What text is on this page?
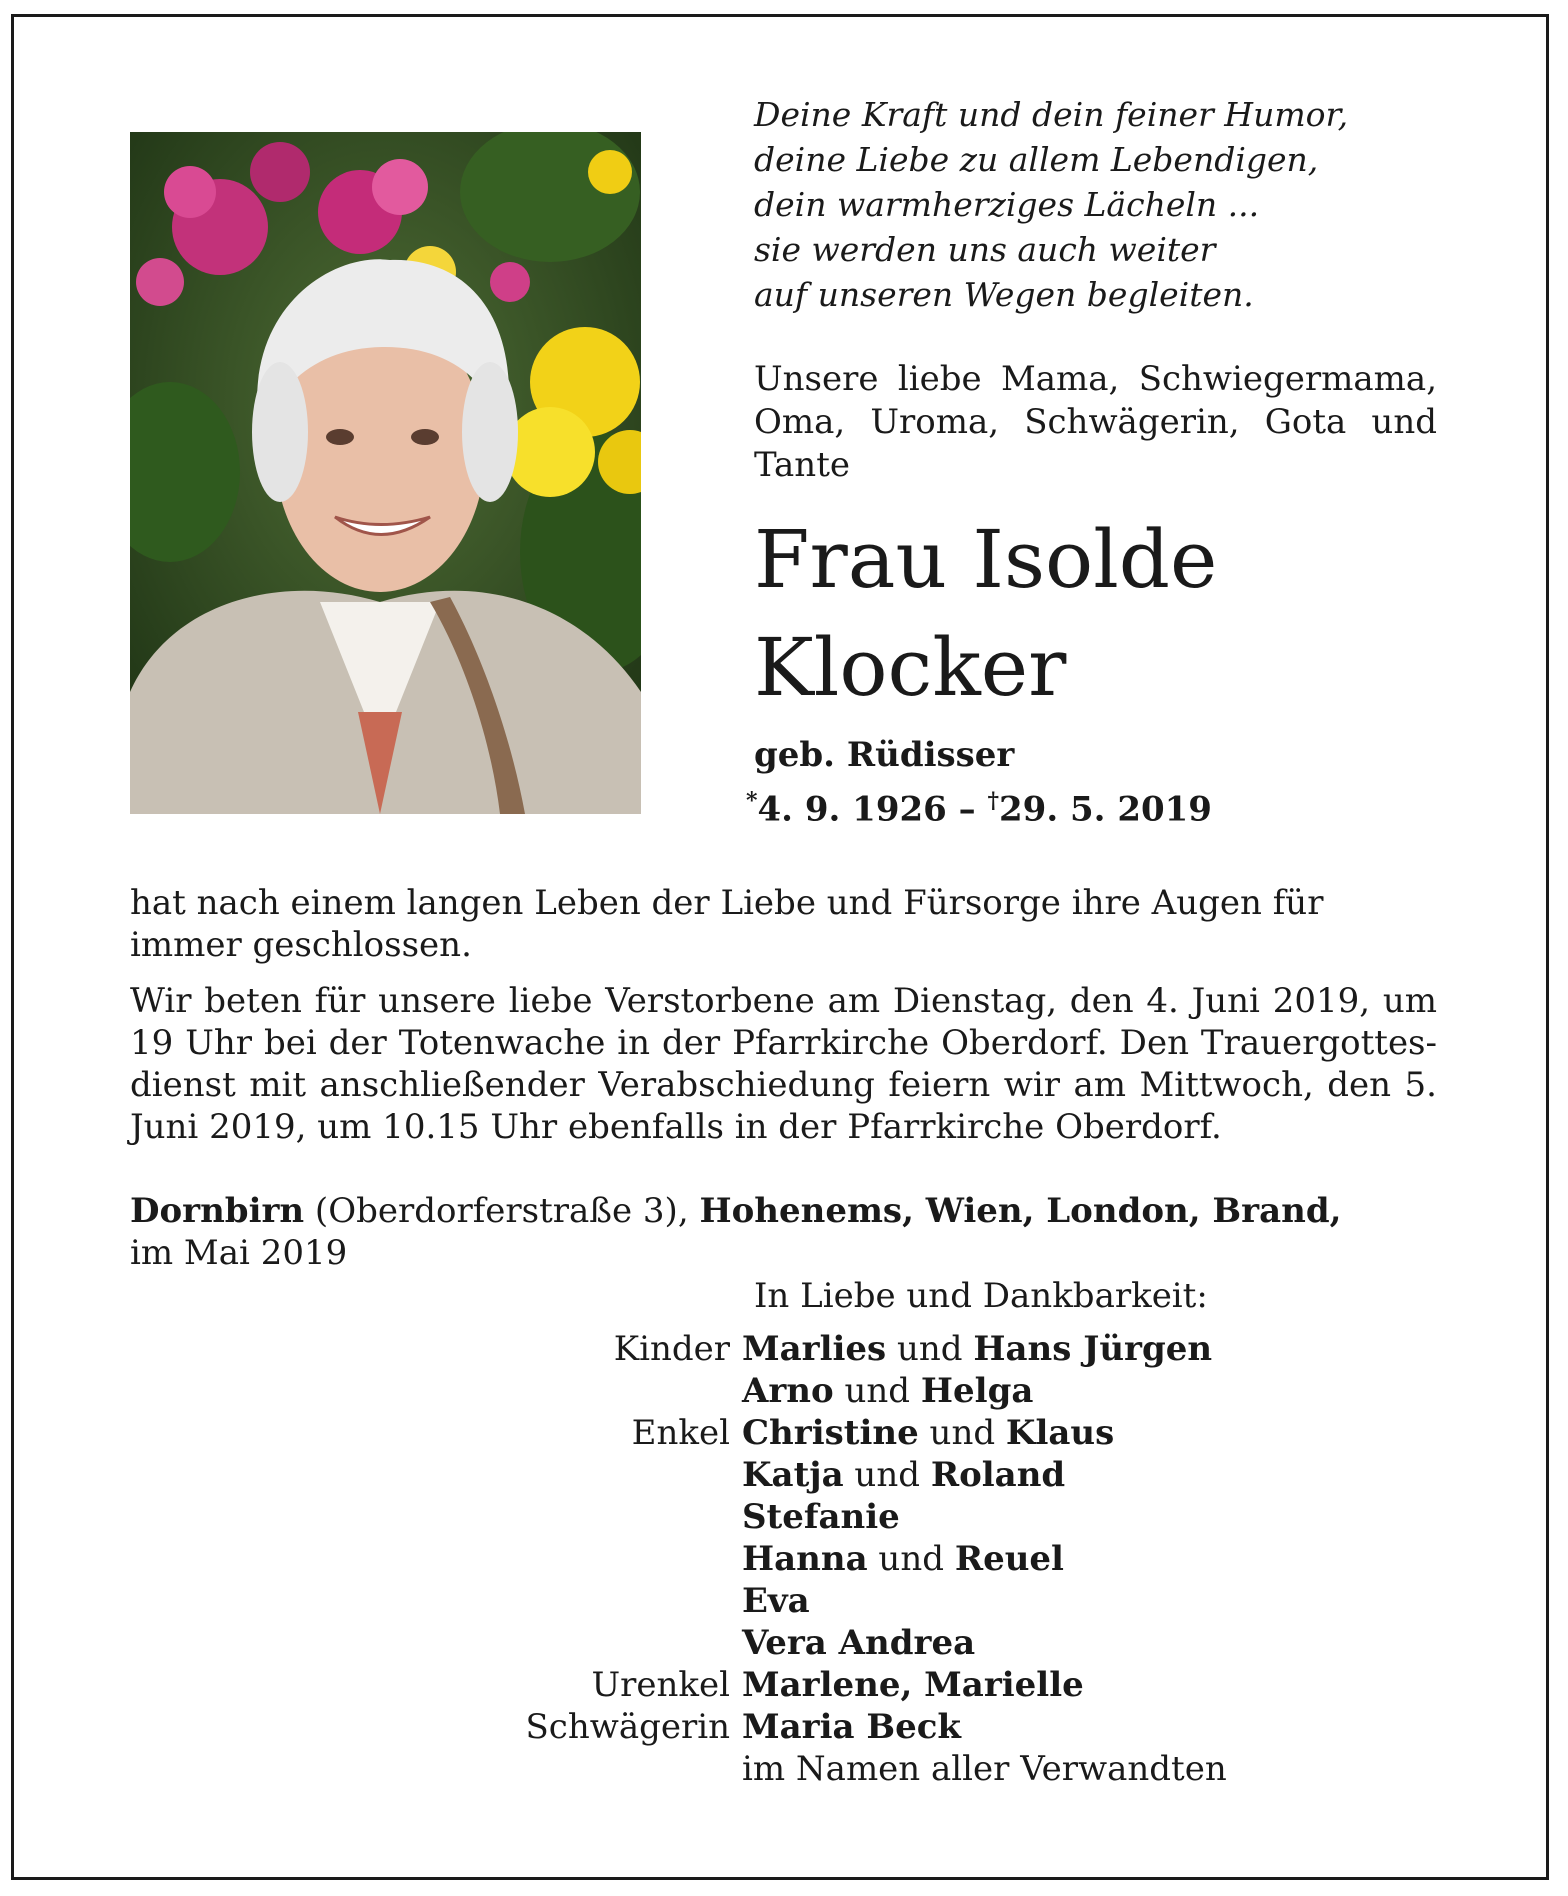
Deine Kraft und dein feiner Humor,
deine Liebe zu allem Lebendigen,
dein warmherziges Lächeln ...
sie werden uns auch weiter
auf unseren Wegen begleiten.
Unsere liebe Mama, Schwiegermama, Oma, Uroma, Schwägerin, Gota und Tante
Frau Isolde
Klocker
geb. Rüdisser
*4. 9. 1926 – †29. 5. 2019
hat nach einem langen Leben der Liebe und Fürsorge ihre Augen für immer geschlossen.
Wir beten für unsere liebe Verstorbene am Dienstag, den 4. Juni 2019, um 19 Uhr bei der Totenwache in der Pfarrkirche Oberdorf. Den Trauergottes-dienst mit anschließender Verabschiedung feiern wir am Mittwoch, den 5. Juni 2019, um 10.15 Uhr ebenfalls in der Pfarrkirche Oberdorf.
Dornbirn (Oberdorferstraße 3), Hohenems, Wien, London, Brand,
im Mai 2019
In Liebe und Dankbarkeit:
Kinder Marlies und Hans Jürgen
Arno und Helga
Enkel Christine und Klaus
Katja und Roland
Stefanie
Hanna und Reuel
Eva
Vera Andrea
Urenkel Marlene, Marielle
Schwägerin Maria Beck
im Namen aller Verwandten
